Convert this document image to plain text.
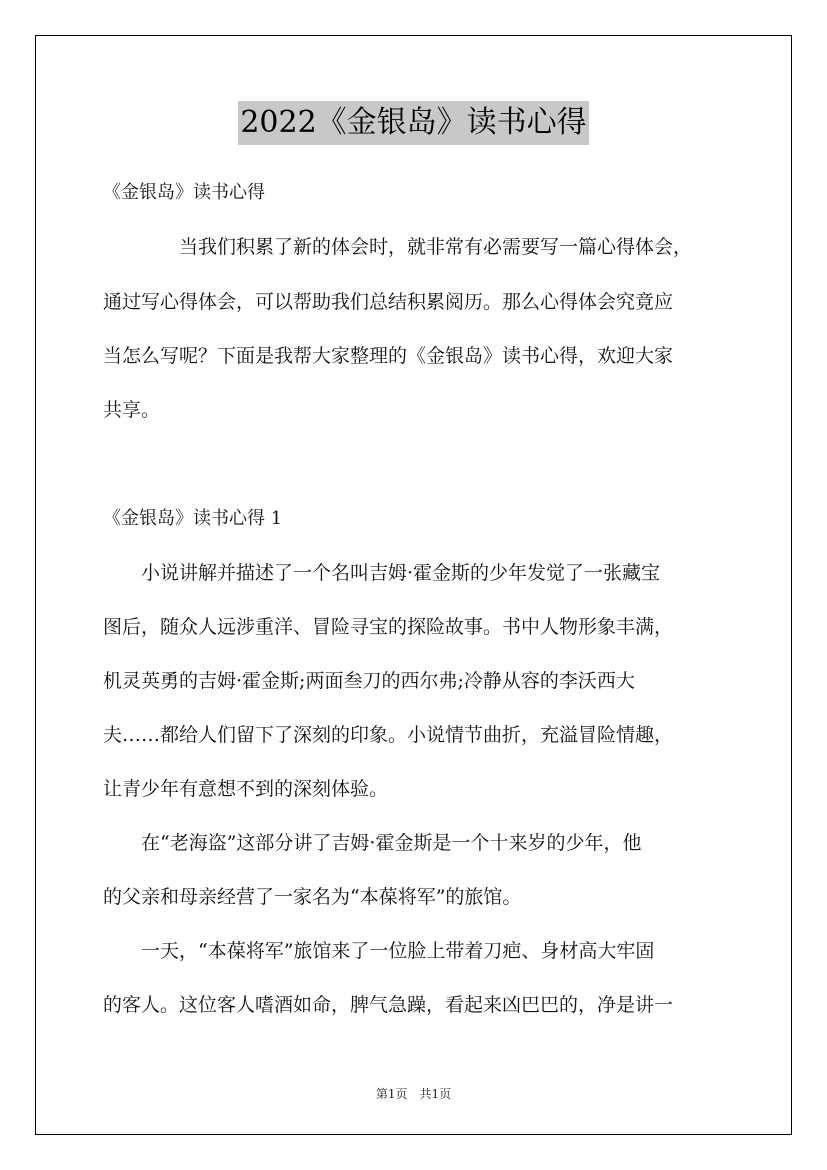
2022《金银岛》读书心得
《金银岛》读书心得
　　　　当我们积累了新的体会时，就非常有必需要写一篇心得体会，
通过写心得体会，可以帮助我们总结积累阅历。那么心得体会究竟应
当怎么写呢？下面是我帮大家整理的《金银岛》读书心得，欢迎大家
共享。
《金银岛》读书心得 1
　　小说讲解并描述了一个名叫吉姆·霍金斯的少年发觉了一张藏宝
图后，随众人远涉重洋、冒险寻宝的探险故事。书中人物形象丰满，
机灵英勇的吉姆·霍金斯;两面叁刀的西尔弗;冷静从容的李沃西大
夫……都给人们留下了深刻的印象。小说情节曲折，充溢冒险情趣，
让青少年有意想不到的深刻体验。
　　在“老海盗”这部分讲了吉姆·霍金斯是一个十来岁的少年，他
的父亲和母亲经营了一家名为“本葆将军”的旅馆。
　　一天，“本葆将军”旅馆来了一位脸上带着刀疤、身材高大牢固
的客人。这位客人嗜酒如命，脾气急躁，看起来凶巴巴的，净是讲一
第1页　共1页
